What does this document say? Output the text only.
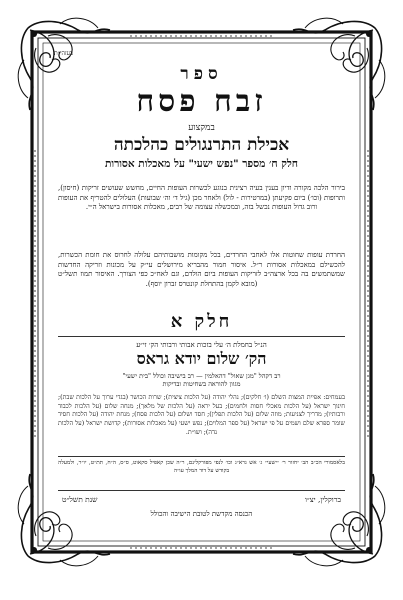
בעזהי״ת
ספר
זבח פסח
במקצוע
אכילת התרנגולים כהלכתה
חלק ח׳ מספר "נפש ישעי" על מאכלות אסורות

בירור הלכה מקורה ודיון בענין בעיה רצינית בנוגע לכשרות העופות החיים, מחשש שעושים זריקות (חיסון), ותרופות (וכו׳) ביום פקיעתן (במרטירות - לול) ולאחר מכן (גיל ד׳ וה׳ שבועות) העלולים להטריף את העופות ורוב גדול העופות נכשל בזה, ובמכשלה עצומה של רבים, מאכלות אסורות בישראל ה״י.

החרדת עופות שחוטות אלו לאחבי החרדים, בכל מקומות מושבותיהם עלולה לחרוס את חומת הכשרות, להכשילם במאכלות אסורות ר״ל. איסור חמור מהבריא מירושלים עי״ק על מכונות וזריקה החדשות שמשתמשים בה בכל ארצה״ב לזריקות העופות ביום הולדם, וגם לאח״כ כפי הצורך. האיסור תמוז תשל״ט (מובא לקמן בהתחלת קונטרס זברון יוסף).

חלק א
הנ״ל בחמלת ה׳ עלי בזכות אבותי ורבותי הק׳ זי״ע
הק׳ שלום יודא גראס

רב דקהל "מגן שאול" דהאלמין — רב בישיבה וכולל "בית ישעי"
מגוון להוראה בשחיטות ובדיקות

בעמחים: אפיית המצות השלם (ו׳ חלקים); נהלי יהודה (על הלכות ציצית); שרות הכושר (בגדי ערוך על הלכות שבת); חינוך ישראל (על הלכות מאכלי חסות ולחמים); בעל יראה (על הלכות של מלאך); מנחה שלום (על הלכות לכבוד ורבותיו); מדריך לצניעות; מוזה שלום (על הלכות תפלין); חסד ושלום (על הלכות פסח); מנחת יהודה (על הלכות חסיד שומר ספרא שלם ושמים על פי ישראל (על ספר המלוים); נפש ישעי (על מאכלות אסורות); קדושת ישראל (על הלכות נדה); ושו״ת.

בלאסמורי הכ״ב הב׳ יחזור ר׳ ״ישעי״ ג׳ אש גרא״ג וכו׳ לנפי מפורקלינם, ר״ה שכן קאפיל סקאוט, ס״ס, ה״ח, תת״ט, יו״ר, ולמעלה בקודש על דוד המלך עו״ה

ברוקלין, יצ״ו
שנת תשל״ט
הכנסה מקדשת לטובת הישיבה והכולל
